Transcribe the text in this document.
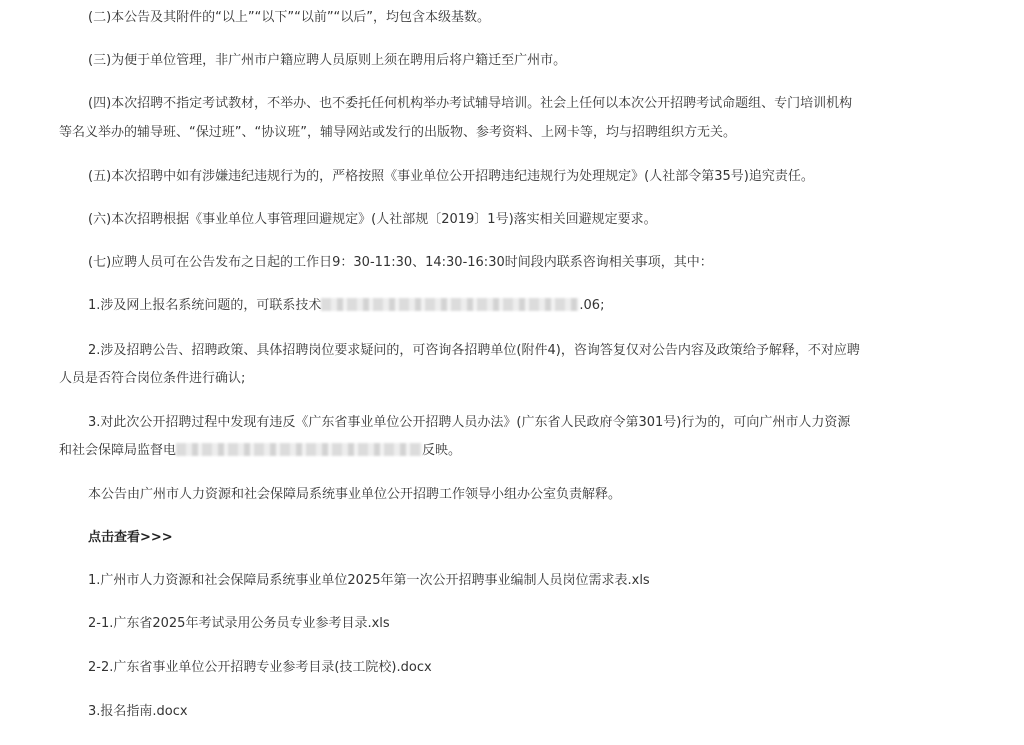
(二)本公告及其附件的“以上”“以下”“以前”“以后”，均包含本级基数。
(三)为便于单位管理，非广州市户籍应聘人员原则上须在聘用后将户籍迁至广州市。
(四)本次招聘不指定考试教材，不举办、也不委托任何机构举办考试辅导培训。社会上任何以本次公开招聘考试命题组、专门培训机构
等名义举办的辅导班、“保过班”、“协议班”，辅导网站或发行的出版物、参考资料、上网卡等，均与招聘组织方无关。
(五)本次招聘中如有涉嫌违纪违规行为的，严格按照《事业单位公开招聘违纪违规行为处理规定》(人社部令第35号)追究责任。
(六)本次招聘根据《事业单位人事管理回避规定》(人社部规〔2019〕1号)落实相关回避规定要求。
(七)应聘人员可在公告发布之日起的工作日9：30-11:30、14:30-16:30时间段内联系咨询相关事项，其中：
1.涉及网上报名系统问题的，可联系技术	.06;
2.涉及招聘公告、招聘政策、具体招聘岗位要求疑问的，可咨询各招聘单位(附件4)，咨询答复仅对公告内容及政策给予解释，不对应聘
人员是否符合岗位条件进行确认;
3.对此次公开招聘过程中发现有违反《广东省事业单位公开招聘人员办法》(广东省人民政府令第301号)行为的，可向广州市人力资源
和社会保障局监督电	反映。
本公告由广州市人力资源和社会保障局系统事业单位公开招聘工作领导小组办公室负责解释。
点击查看>>>
1.广州市人力资源和社会保障局系统事业单位2025年第一次公开招聘事业编制人员岗位需求表.xls
2-1.广东省2025年考试录用公务员专业参考目录.xls
2-2.广东省事业单位公开招聘专业参考目录(技工院校).docx
3.报名指南.docx
